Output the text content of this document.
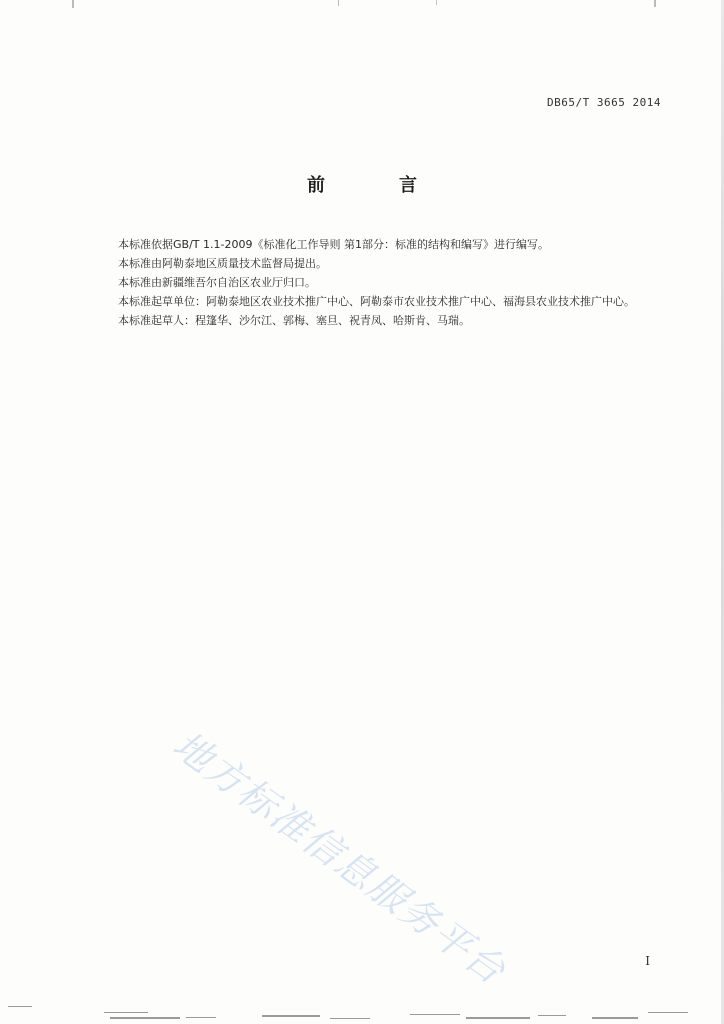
DB65/T 3665 2014
前　言

本标准依据GB/T 1.1-2009《标准化工作导则 第1部分：标准的结构和编写》进行编写。

本标准由阿勒泰地区质量技术监督局提出。

本标准由新疆维吾尔自治区农业厅归口。

本标准起草单位：阿勒泰地区农业技术推广中心、阿勒泰市农业技术推广中心、福海县农业技术推广中心。

本标准起草人：程篷华、沙尔江、郭梅、塞旦、祝青凤、哈斯肯、马瑞。

地方标准信息服务平台	I
